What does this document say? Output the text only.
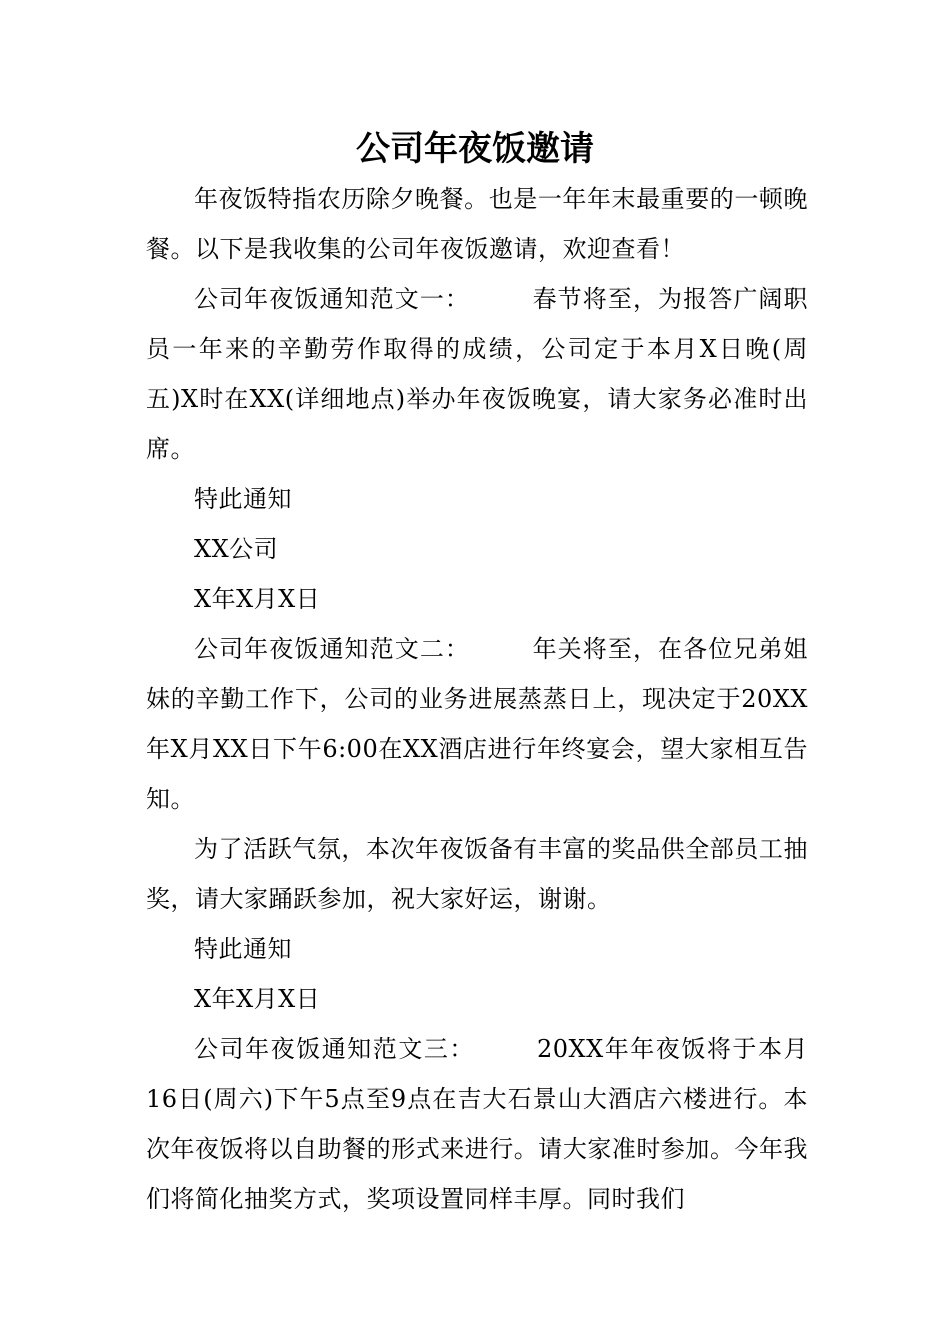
公司年夜饭邀请

年夜饭特指农历除夕晚餐。也是一年年末最重要的一顿晚餐。以下是我收集的公司年夜饭邀请，欢迎查看！

公司年夜饭通知范文一：	春节将至，为报答广阔职员一年来的辛勤劳作取得的成绩，公司定于本月X日晚(周五)X时在XX(详细地点)举办年夜饭晚宴，请大家务必准时出席。

特此通知

XX公司

X年X月X日

公司年夜饭通知范文二：	年关将至，在各位兄弟姐妹的辛勤工作下，公司的业务进展蒸蒸日上，现决定于20XX年X月XX日下午6:00在XX酒店进行年终宴会，望大家相互告知。

为了活跃气氛，本次年夜饭备有丰富的奖品供全部员工抽奖，请大家踊跃参加，祝大家好运，谢谢。

特此通知

X年X月X日

公司年夜饭通知范文三：	20XX年年夜饭将于本月16日(周六)下午5点至9点在吉大石景山大酒店六楼进行。本次年夜饭将以自助餐的形式来进行。请大家准时参加。今年我们将简化抽奖方式，奖项设置同样丰厚。同时我们
